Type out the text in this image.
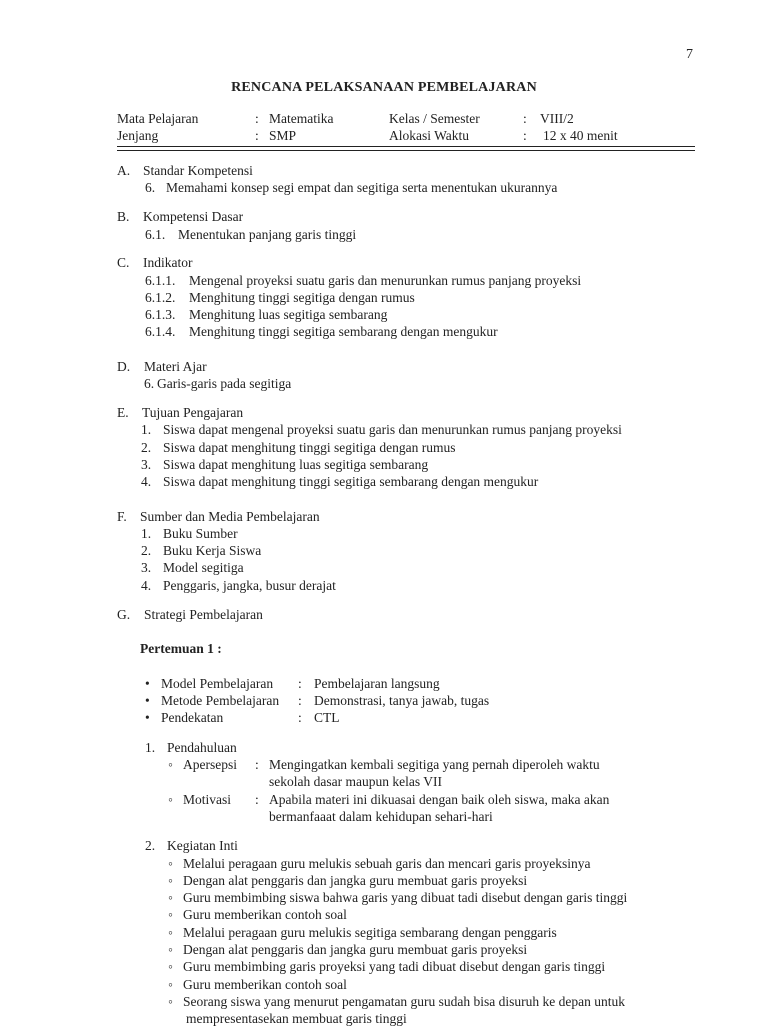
7
RENCANA PELAKSANAAN PEMBELAJARAN
Mata Pelajaran	: Matematika	Kelas / Semester	: VIII/2
Jenjang	: SMP	Alokasi Waktu	: 12 x 40 menit
A. Standar Kompetensi
6. Memahami konsep segi empat dan segitiga serta menentukan ukurannya
B. Kompetensi Dasar
6.1. Menentukan panjang garis tinggi
C. Indikator
6.1.1. Mengenal proyeksi suatu garis dan menurunkan rumus panjang proyeksi
6.1.2. Menghitung tinggi segitiga dengan rumus
6.1.3. Menghitung luas segitiga sembarang
6.1.4. Menghitung tinggi segitiga sembarang dengan mengukur
D. Materi Ajar
6. Garis-garis pada segitiga
E. Tujuan Pengajaran
1. Siswa dapat mengenal proyeksi suatu garis dan menurunkan rumus panjang proyeksi
2. Siswa dapat menghitung tinggi segitiga dengan rumus
3. Siswa dapat menghitung luas segitiga sembarang
4. Siswa dapat menghitung tinggi segitiga sembarang dengan mengukur
F. Sumber dan Media Pembelajaran
1. Buku Sumber
2. Buku Kerja Siswa
3. Model segitiga
4. Penggaris, jangka, busur derajat
G. Strategi Pembelajaran
Pertemuan 1 :
• Model Pembelajaran : Pembelajaran langsung
• Metode Pembelajaran : Demonstrasi, tanya jawab, tugas
• Pendekatan	: CTL
1. Pendahuluan
◦ Apersepsi : Mengingatkan kembali segitiga yang pernah diperoleh waktu
sekolah dasar maupun kelas VII
◦ Motivasi : Apabila materi ini dikuasai dengan baik oleh siswa, maka akan
bermanfaaat dalam kehidupan sehari-hari
2. Kegiatan Inti
◦ Melalui peragaan guru melukis sebuah garis dan mencari garis proyeksinya
◦ Dengan alat penggaris dan jangka guru membuat garis proyeksi
◦ Guru membimbing siswa bahwa garis yang dibuat tadi disebut dengan garis tinggi
◦ Guru memberikan contoh soal
◦ Melalui peragaan guru melukis segitiga sembarang dengan penggaris
◦ Dengan alat penggaris dan jangka guru membuat garis proyeksi
◦ Guru membimbing garis proyeksi yang tadi dibuat disebut dengan garis tinggi
◦ Guru memberikan contoh soal
◦ Seorang siswa yang menurut pengamatan guru sudah bisa disuruh ke depan untuk
mempresentasekan membuat garis tinggi
